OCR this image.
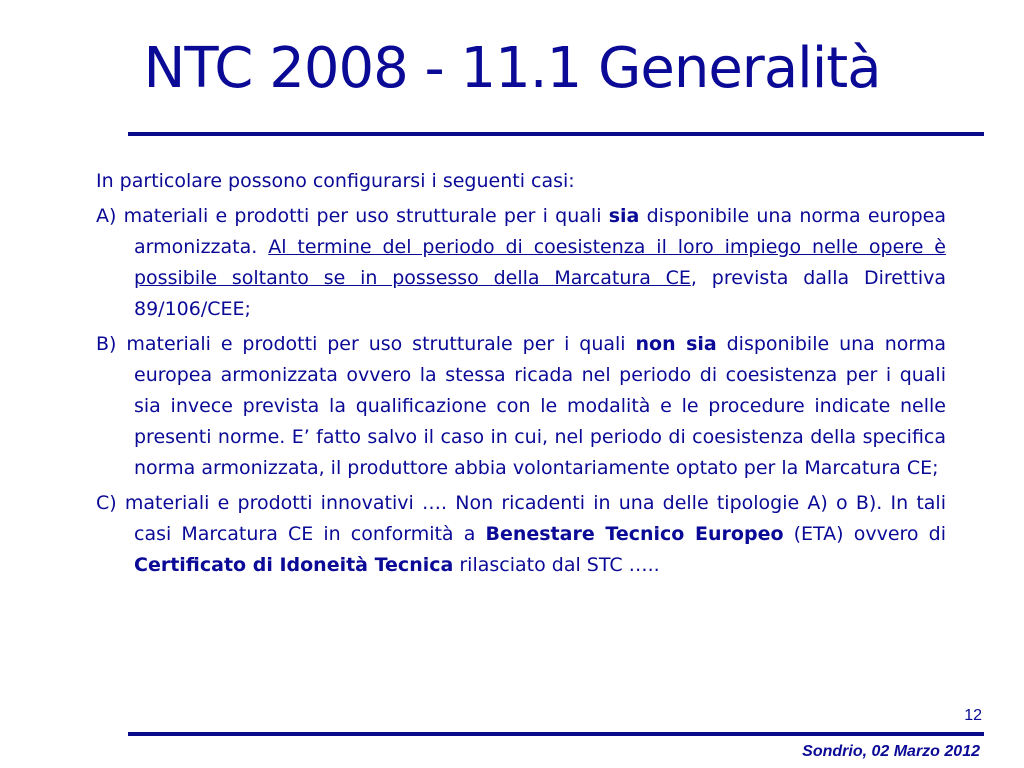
NTC 2008 - 11.1 Generalità

In particolare possono configurarsi i seguenti casi:

A) materiali e prodotti per uso strutturale per i quali sia disponibile una norma europea armonizzata. Al termine del periodo di coesistenza il loro impiego nelle opere è possibile soltanto se in possesso della Marcatura CE, prevista dalla Direttiva 89/106/CEE;

B) materiali e prodotti per uso strutturale per i quali non sia disponibile una norma europea armonizzata ovvero la stessa ricada nel periodo di coesistenza per i quali sia invece prevista la qualificazione con le modalità e le procedure indicate nelle presenti norme. E’ fatto salvo il caso in cui, nel periodo di coesistenza della specifica norma armonizzata, il produttore abbia volontariamente optato per la Marcatura CE;

C) materiali e prodotti innovativi …. Non ricadenti in una delle tipologie A) o B). In tali casi Marcatura CE in conformità a Benestare Tecnico Europeo (ETA) ovvero di Certificato di Idoneità Tecnica rilasciato dal STC …..

12
Sondrio, 02 Marzo 2012
